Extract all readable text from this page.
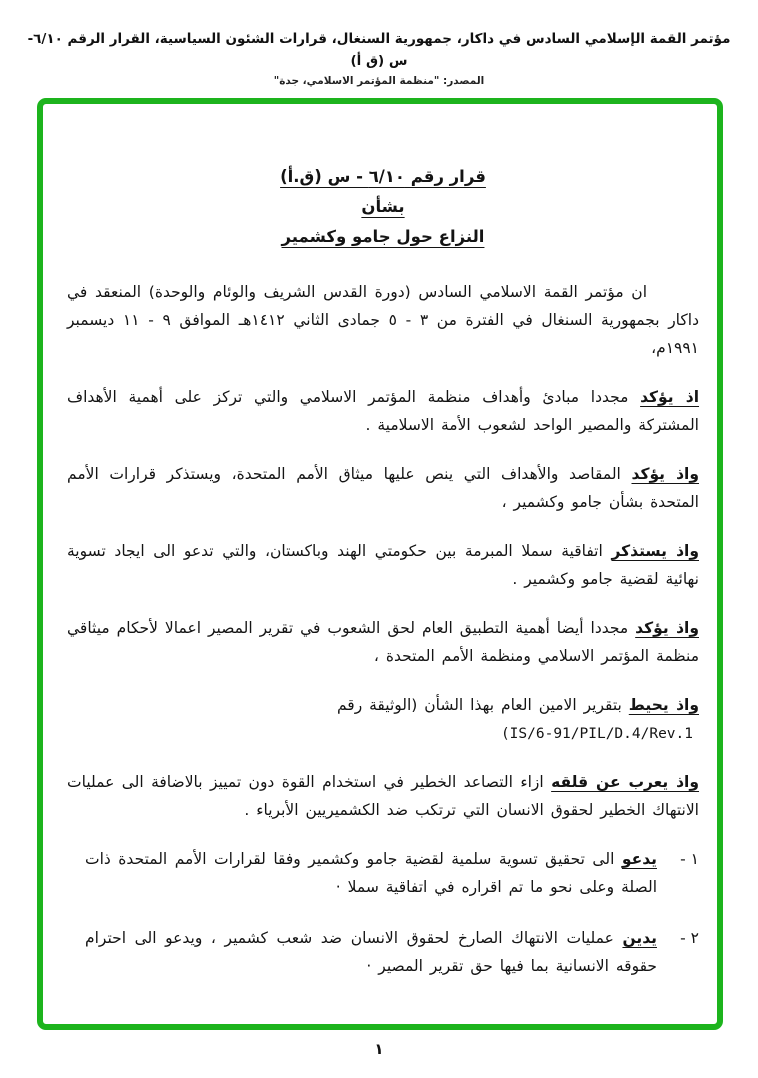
مؤتمر القمة الإسلامي السادس في داكار، جمهورية السنغال، قرارات الشئون السياسية، القرار الرقم ٦/١٠-س (ق أ)
المصدر: "منظمة المؤتمر الاسلامي، جدة"
قرار رقم ٦/١٠ - س (ق.أ)
بشأن
النزاع حول جامو وكشمير
ان مؤتمر القمة الاسلامي السادس (دورة القدس الشريف والوئام والوحدة) المنعقد في داكار بجمهورية السنغال في الفترة من ٣ - ٥ جمادى الثاني ١٤١٢هـ الموافق ٩ - ١١ ديسمبر ١٩٩١م،
اذ يؤكد مجددا مبادئ وأهداف منظمة المؤتمر الاسلامي والتي تركز على أهمية الأهداف المشتركة والمصير الواحد لشعوب الأمة الاسلامية .
واذ يؤكد المقاصد والأهداف التي ينص عليها ميثاق الأمم المتحدة، ويستذكر قرارات الأمم المتحدة بشأن جامو وكشمير ،
واذ يستذكر اتفاقية سملا المبرمة بين حكومتي الهند وباكستان، والتي تدعو الى ايجاد تسوية نهائية لقضية جامو وكشمير .
واذ يؤكد مجددا أيضا أهمية التطبيق العام لحق الشعوب في تقرير المصير اعمالا لأحكام ميثاقي منظمة المؤتمر الاسلامي ومنظمة الأمم المتحدة ،
واذ يحيط بتقرير الامين العام بهذا الشأن (الوثيقة رقم
(IS/6-91/PIL/D.4/Rev.1
واذ يعرب عن قلقه ازاء التصاعد الخطير في استخدام القوة دون تمييز بالاضافة الى عمليات الانتهاك الخطير لحقوق الانسان التي ترتكب ضد الكشميريين الأبرياء .
١ -
يدعو الى تحقيق تسوية سلمية لقضية جامو وكشمير وفقا لقرارات الأمم المتحدة ذات الصلة وعلى نحو ما تم اقراره في اتفاقية سملا ·
٢ -
يدين عمليات الانتهاك الصارخ لحقوق الانسان ضد شعب كشمير ، ويدعو الى احترام حقوقه الانسانية بما فيها حق تقرير المصير ·
١
